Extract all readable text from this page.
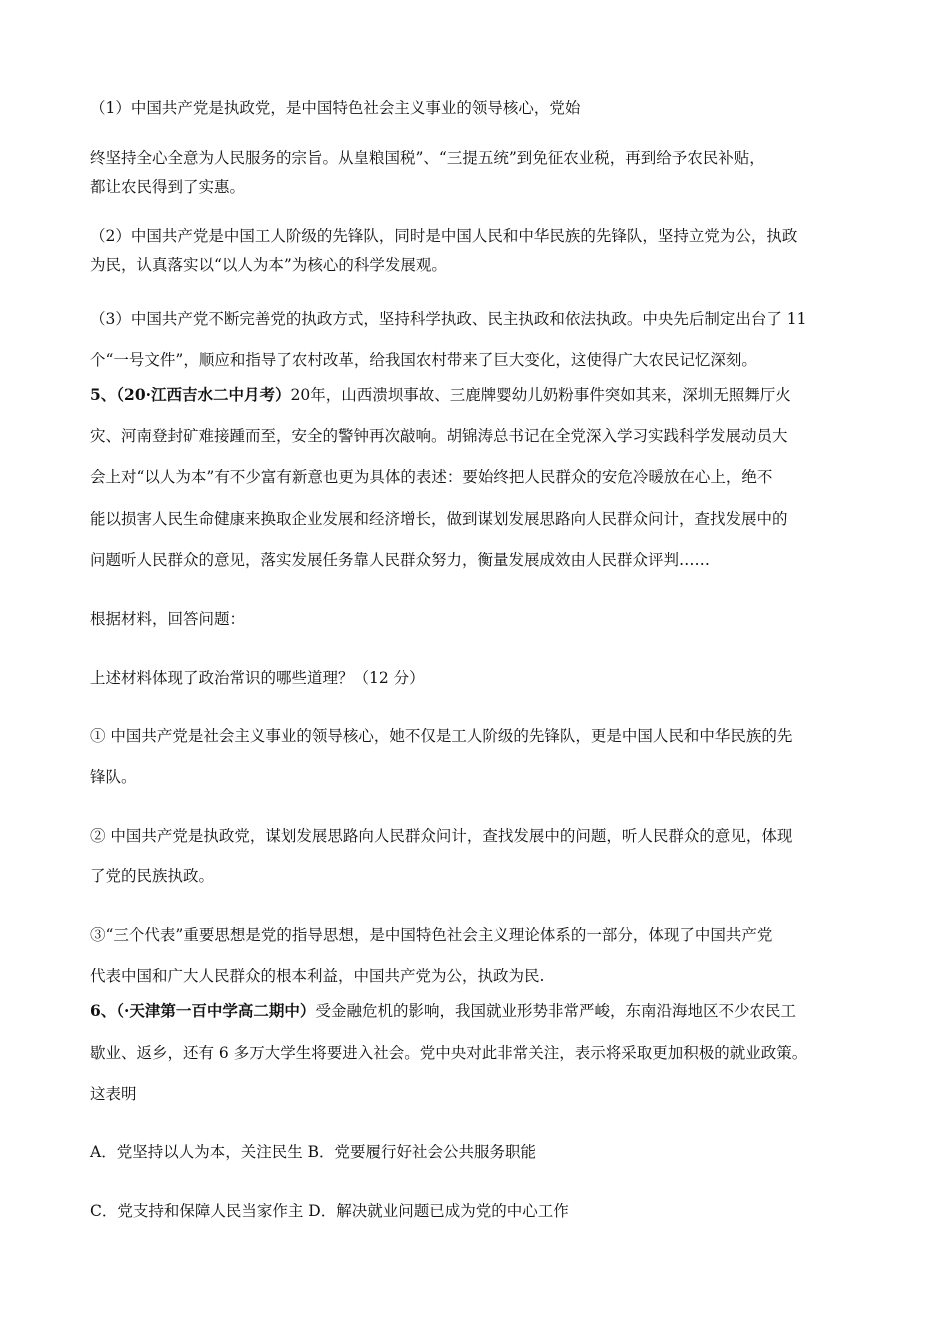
（1）中国共产党是执政党，是中国特色社会主义事业的领导核心，党始
终坚持全心全意为人民服务的宗旨。从皇粮国税”、“三提五统”到免征农业税，再到给予农民补贴，
都让农民得到了实惠。
（2）中国共产党是中国工人阶级的先锋队，同时是中国人民和中华民族的先锋队，坚持立党为公，执政
为民，认真落实以“以人为本”为核心的科学发展观。
（3）中国共产党不断完善党的执政方式，坚持科学执政、民主执政和依法执政。中央先后制定出台了 11
个“一号文件”，顺应和指导了农村改革，给我国农村带来了巨大变化，这使得广大农民记忆深刻。
5、（20·江西吉水二中月考）20年，山西溃坝事故、三鹿牌婴幼儿奶粉事件突如其来，深圳无照舞厅火
灾、河南登封矿难接踵而至，安全的警钟再次敲响。胡锦涛总书记在全党深入学习实践科学发展动员大
会上对“以人为本”有不少富有新意也更为具体的表述：要始终把人民群众的安危冷暖放在心上，绝不
能以损害人民生命健康来换取企业发展和经济增长，做到谋划发展思路向人民群众问计，查找发展中的
问题听人民群众的意见，落实发展任务靠人民群众努力，衡量发展成效由人民群众评判……
根据材料，回答问题：
上述材料体现了政治常识的哪些道理？（12 分）
① 中国共产党是社会主义事业的领导核心，她不仅是工人阶级的先锋队，更是中国人民和中华民族的先
锋队。
② 中国共产党是执政党，谋划发展思路向人民群众问计，查找发展中的问题，听人民群众的意见，体现
了党的民族执政。
③“三个代表”重要思想是党的指导思想，是中国特色社会主义理论体系的一部分，体现了中国共产党
代表中国和广大人民群众的根本利益，中国共产党为公，执政为民.
6、（·天津第一百中学高二期中）受金融危机的影响，我国就业形势非常严峻，东南沿海地区不少农民工
歇业、返乡，还有 6 多万大学生将要进入社会。党中央对此非常关注，表示将采取更加积极的就业政策。
这表明
A．党坚持以人为本，关注民生 B．党要履行好社会公共服务职能
C．党支持和保障人民当家作主 D．解决就业问题已成为党的中心工作
